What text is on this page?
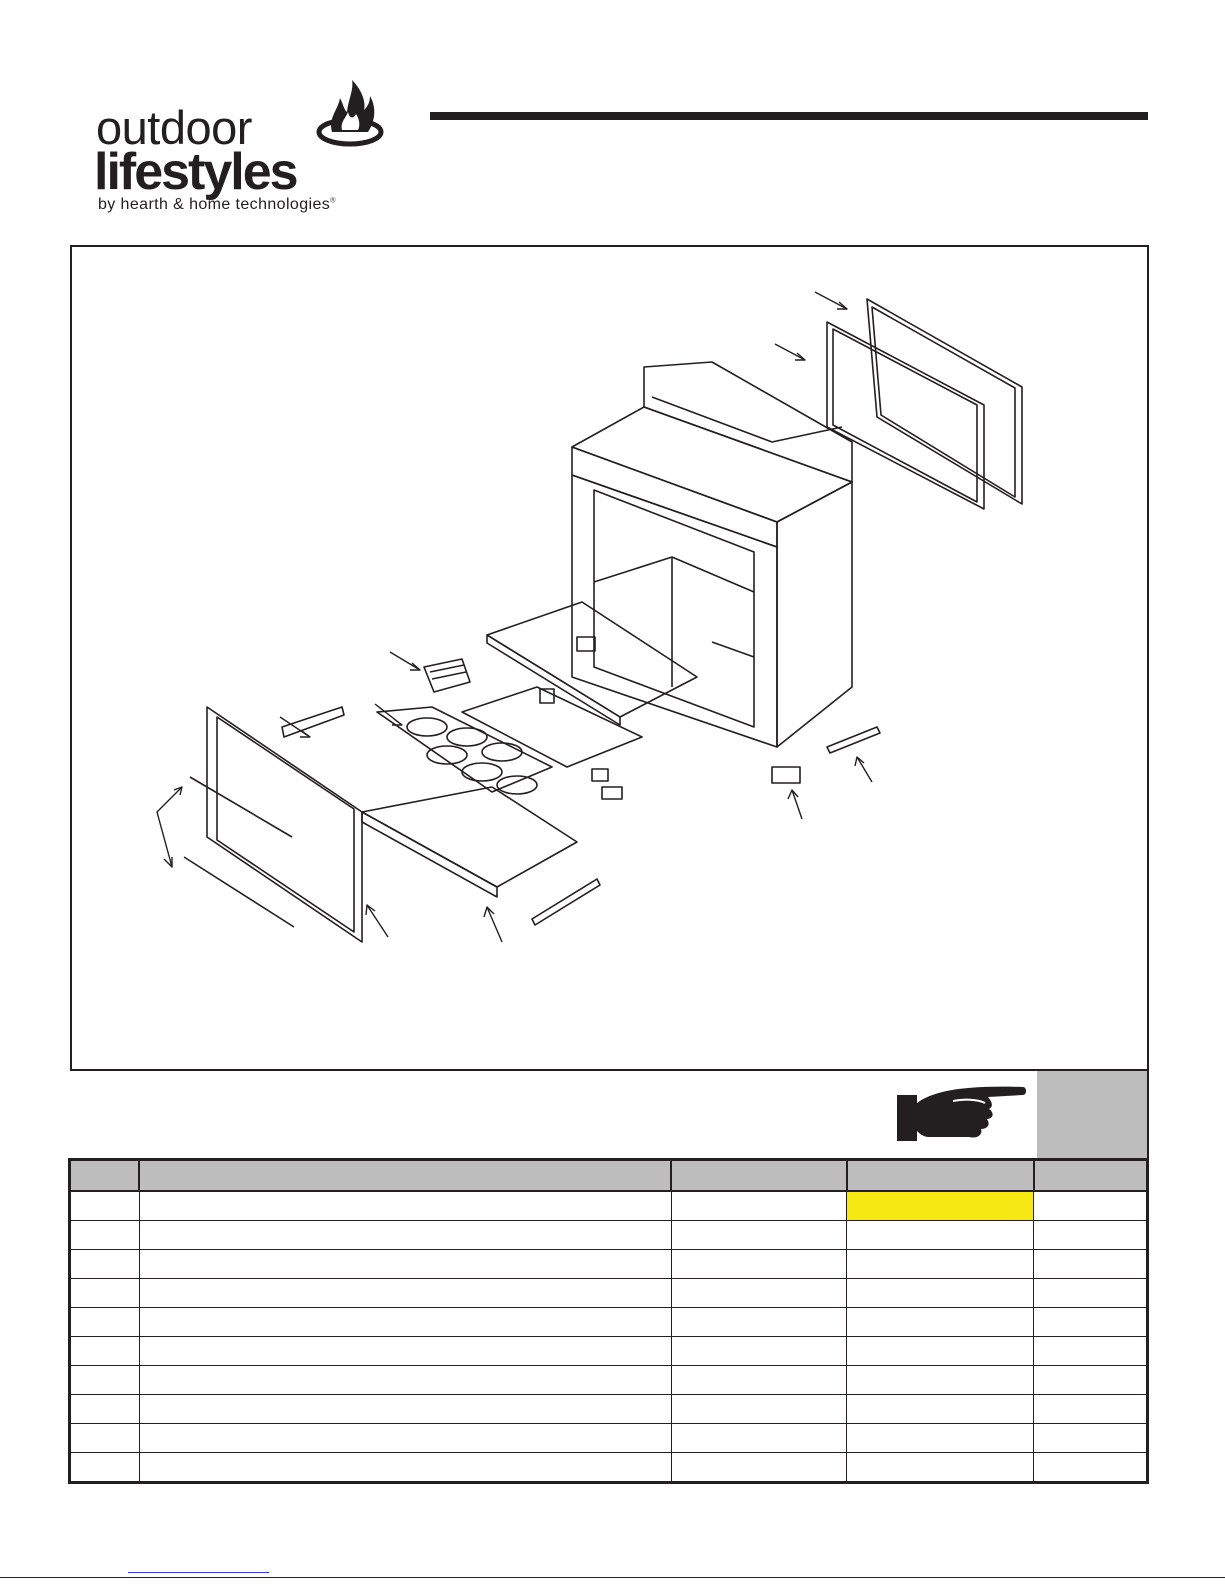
outdoor
lifestyles
by hearth & home technologies®
